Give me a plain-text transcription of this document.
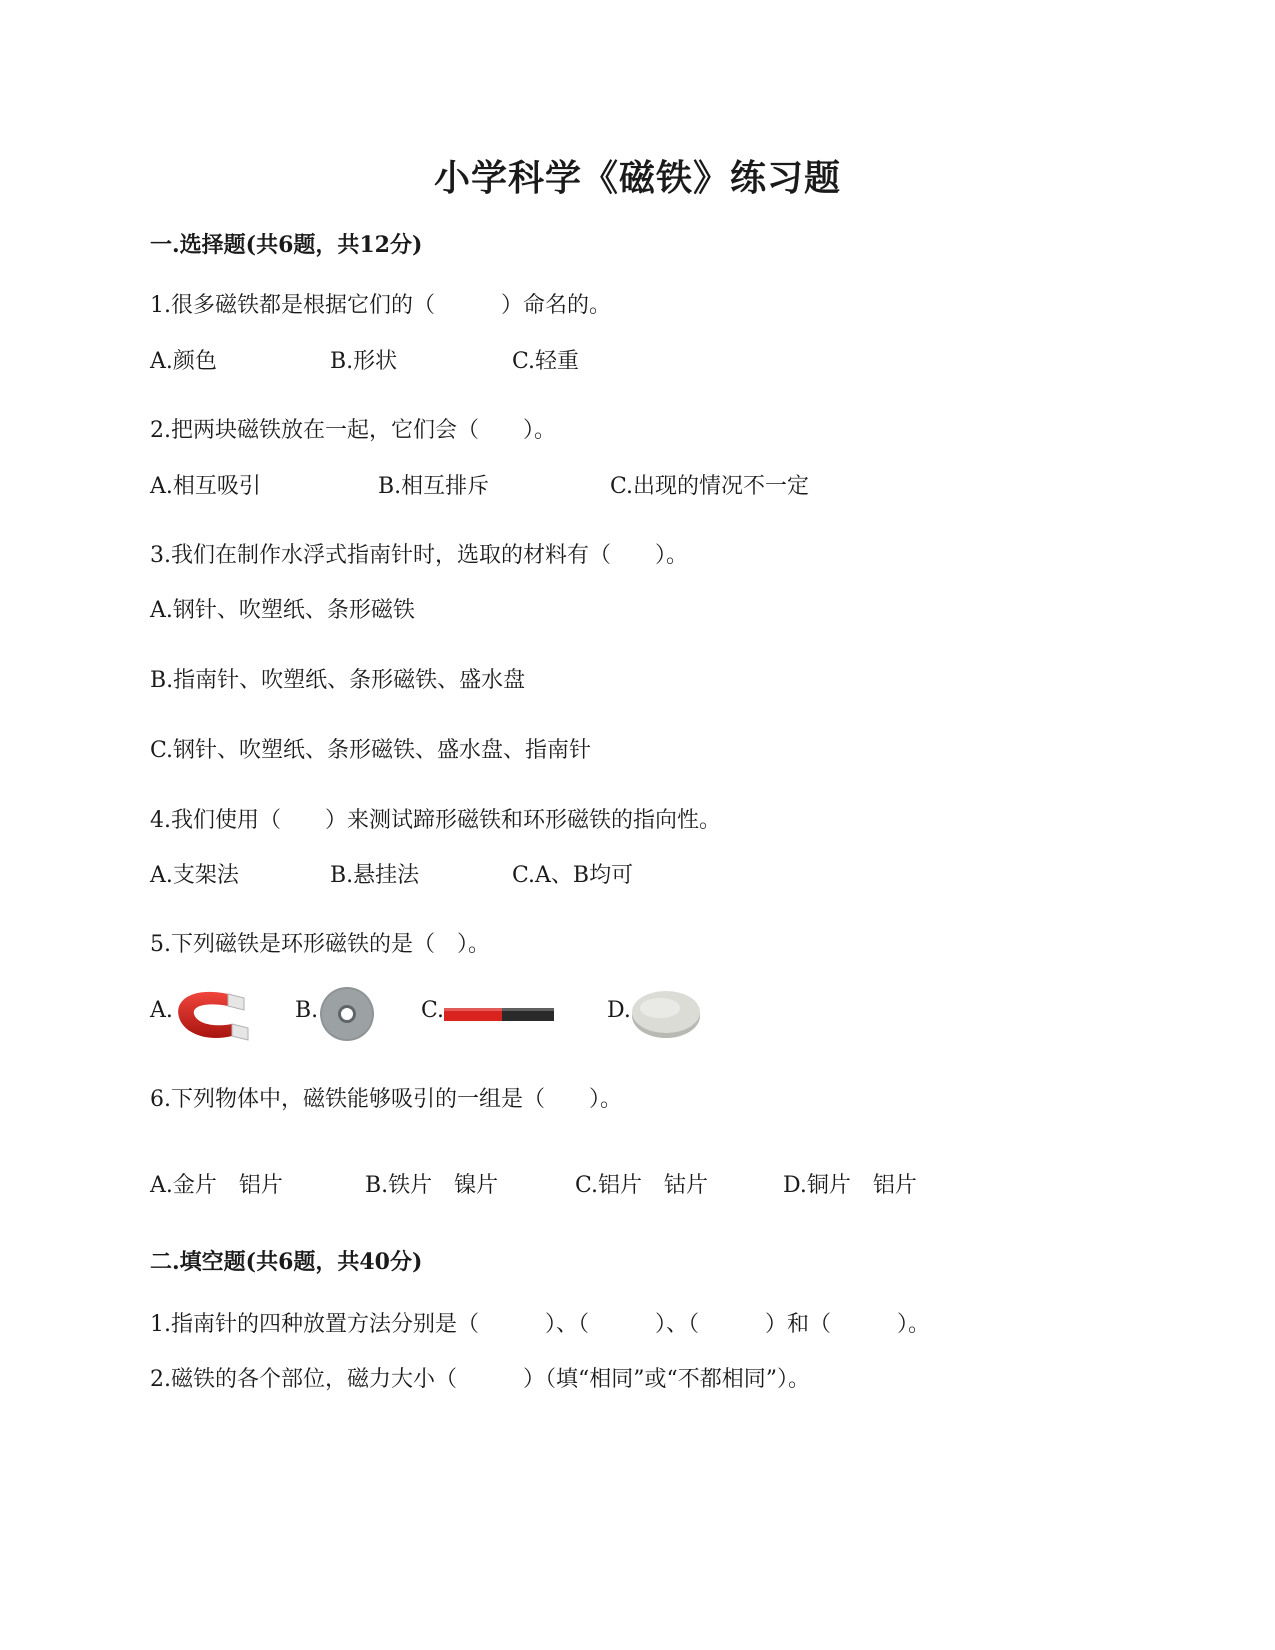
小学科学《磁铁》练习题
一.选择题(共6题，共12分)
1.很多磁铁都是根据它们的（　　　）命名的。
A.颜色	B.形状	C.轻重
2.把两块磁铁放在一起，它们会（　　）。
A.相互吸引	B.相互排斥	C.出现的情况不一定
3.我们在制作水浮式指南针时，选取的材料有（　　）。
A.钢针、吹塑纸、条形磁铁
B.指南针、吹塑纸、条形磁铁、盛水盘
C.钢针、吹塑纸、条形磁铁、盛水盘、指南针
4.我们使用（　　）来测试蹄形磁铁和环形磁铁的指向性。
A.支架法	B.悬挂法	C.A、B均可
5.下列磁铁是环形磁铁的是（　）。
A.	B.	C.	D.
6.下列物体中，磁铁能够吸引的一组是（　　）。
A.金片　铝片	B.铁片　镍片	C.铝片　钴片	D.铜片　铝片
二.填空题(共6题，共40分)
1.指南针的四种放置方法分别是（　　　）、（　　　）、（　　　）和（　　　）。
2.磁铁的各个部位，磁力大小（　　　）（填“相同”或“不都相同”）。
